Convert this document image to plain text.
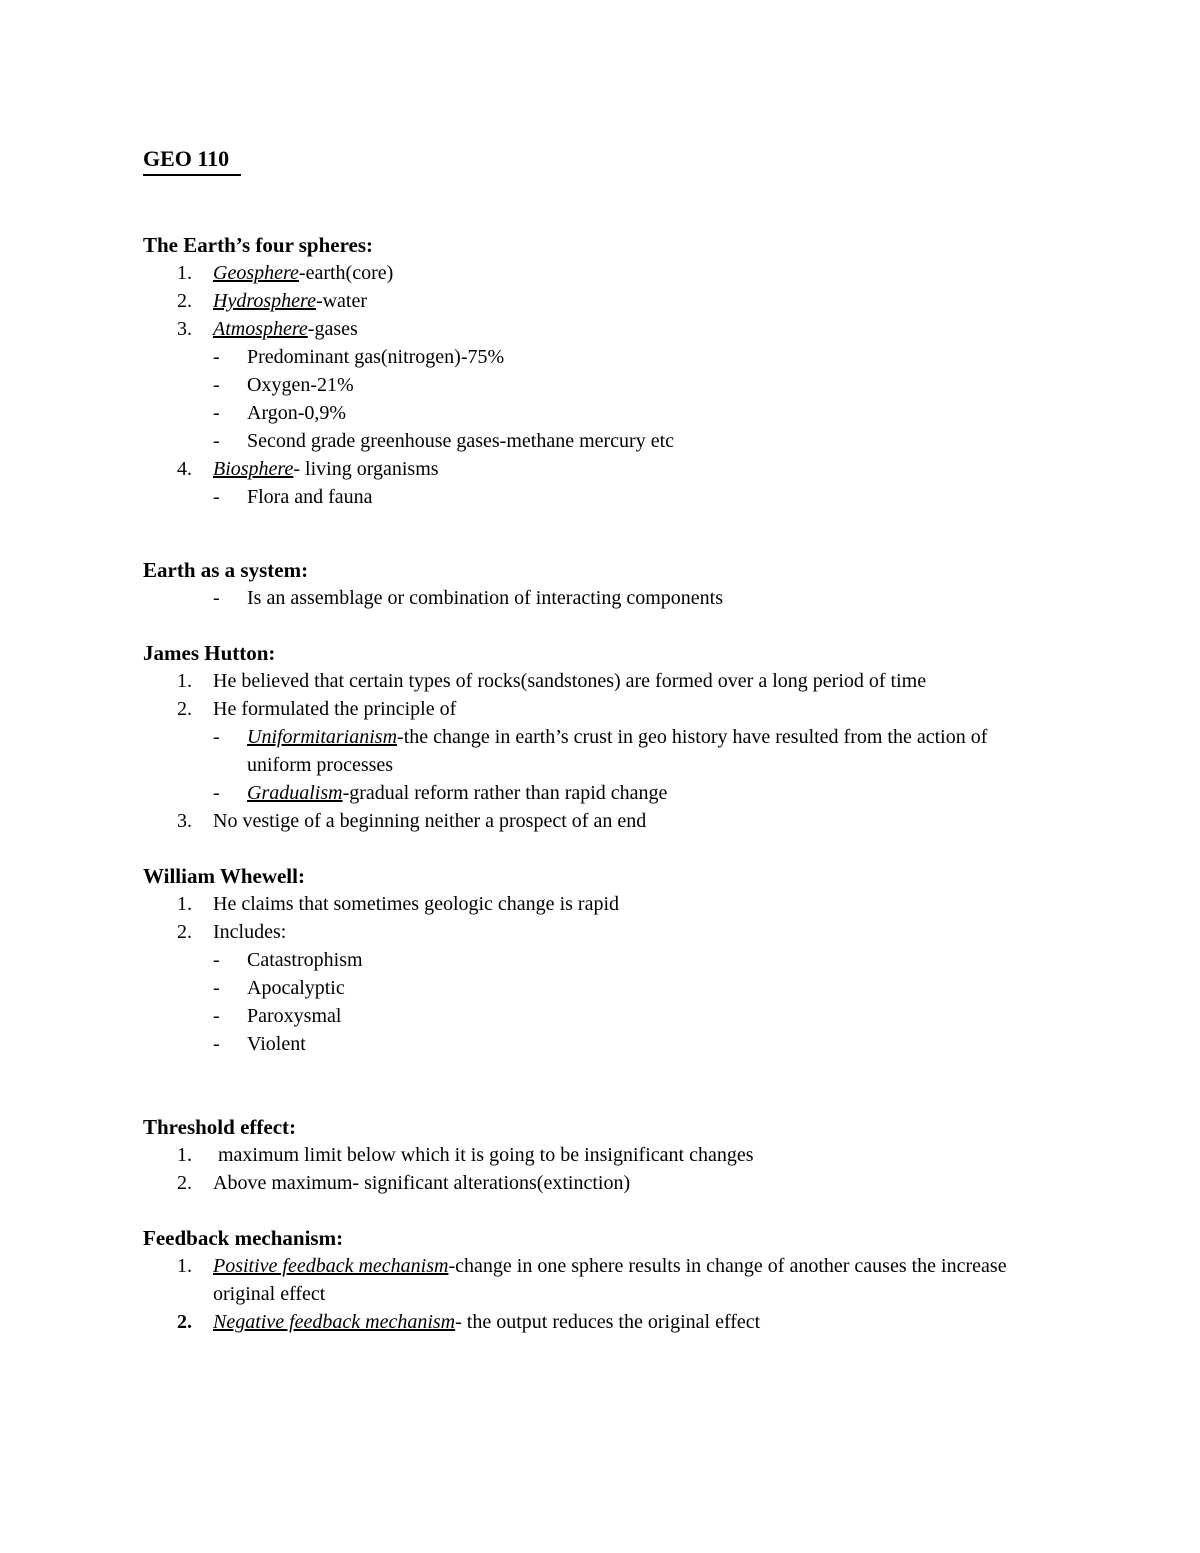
GEO 110
The Earth’s four spheres:
1.	Geosphere-earth(core)
2.	Hydrosphere-water
3.	Atmosphere-gases
-	Predominant gas(nitrogen)-75%
-	Oxygen-21%
-	Argon-0,9%
-	Second grade greenhouse gases-methane mercury etc
4.	Biosphere- living organisms
-	Flora and fauna
Earth as a system:
-	Is an assemblage or combination of interacting components
James Hutton:
1.	He believed that certain types of rocks(sandstones) are formed over a long period of time
2.	He formulated the principle of
-	Uniformitarianism-the change in earth’s crust in geo history have resulted from the action of uniform processes
-	Gradualism-gradual reform rather than rapid change
3.	No vestige of a beginning neither a prospect of an end
William Whewell:
1.	He claims that sometimes geologic change is rapid
2.	Includes:
-	Catastrophism
-	Apocalyptic
-	Paroxysmal
-	Violent
Threshold effect:
1.	maximum limit below which it is going to be insignificant changes
2.	Above maximum- significant alterations(extinction)
Feedback mechanism:
1.	Positive feedback mechanism-change in one sphere results in change of another causes the increase original effect
2.	Negative feedback mechanism- the output reduces the original effect
